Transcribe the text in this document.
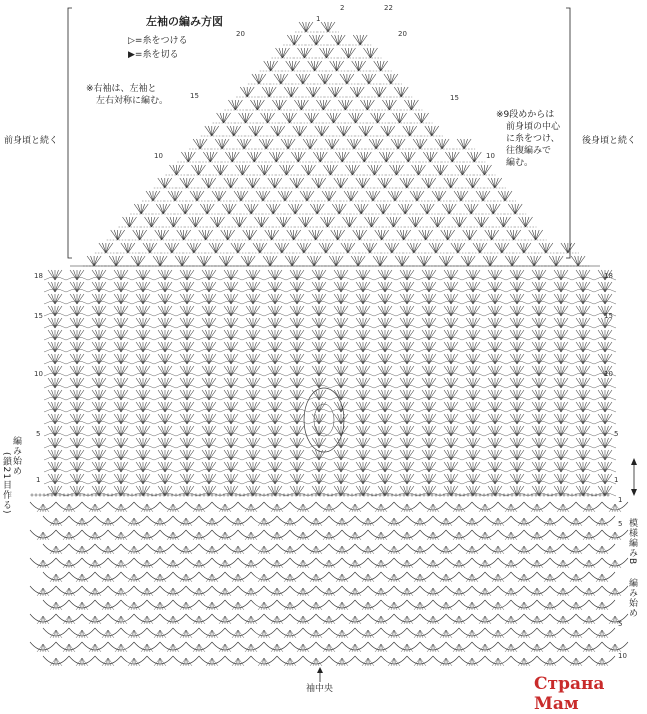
左袖の編み方図
▷=糸をつける
▶=糸を切る
※右袖は、左袖と
左右対称に編む。
※9段めからは
前身頃の中心
に糸をつけ、
往復編みで
編む。
前身頃と続く	後身頃と続く
編み始め
(鎖21目作る)
模様編みB
編み始め
袖中央
1
2	22
20	20
15	15
10	10
18
15
10
5
1
18
15
10
5
1
5
1
5
10
Страна Мам
